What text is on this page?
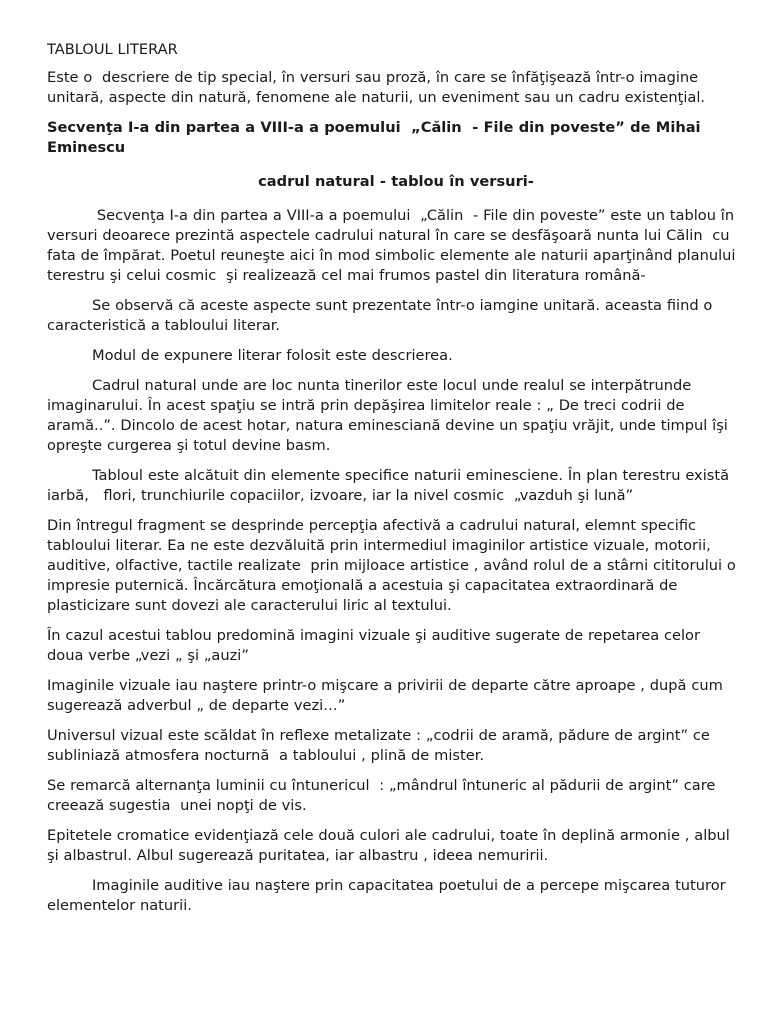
TABLOUL LITERAR

Este o  descriere de tip special, în versuri sau proză, în care se înfăţişează într-o imagine unitară, aspecte din natură, fenomene ale naturii, un eveniment sau un cadru existenţial.

Secvenţa I-a din partea a VIII-a a poemului  „Călin  - File din poveste” de Mihai Eminescu

cadrul natural - tablou în versuri-

Secvenţa I-a din partea a VIII-a a poemului  „Călin  - File din poveste” este un tablou în versuri deoarece prezintă aspectele cadrului natural în care se desfăşoară nunta lui Călin  cu fata de împărat. Poetul reuneşte aici în mod simbolic elemente ale naturii aparţinând planului terestru şi celui cosmic  şi realizează cel mai frumos pastel din literatura română-

Se observă că aceste aspecte sunt prezentate într-o iamgine unitară. aceasta fiind o caracteristică a tabloului literar.

Modul de expunere literar folosit este descrierea.

Cadrul natural unde are loc nunta tinerilor este locul unde realul se interpătrunde imaginarului. În acest spaţiu se intră prin depăşirea limitelor reale : „ De treci codrii de aramă..”. Dincolo de acest hotar, natura eminesciană devine un spaţiu vrăjit, unde timpul îşi opreşte curgerea şi totul devine basm.

Tabloul este alcătuit din elemente specifice naturii eminesciene. În plan terestru există iarbă,   flori, trunchiurile copaciilor, izvoare, iar la nivel cosmic  „vazduh şi lună”

Din întregul fragment se desprinde percepţia afectivă a cadrului natural, elemnt specific tabloului literar. Ea ne este dezvăluită prin intermediul imaginilor artistice vizuale, motorii, auditive, olfactive, tactile realizate  prin mijloace artistice , având rolul de a stârni cititorului o impresie puternică. Încărcătura emoţională a acestuia şi capacitatea extraordinară de plasticizare sunt dovezi ale caracterului liric al textului.

În cazul acestui tablou predomină imagini vizuale şi auditive sugerate de repetarea celor doua verbe „vezi „ şi „auzi”

Imaginile vizuale iau naştere printr-o mişcare a privirii de departe către aproape , după cum sugerează adverbul „ de departe vezi…”

Universul vizual este scăldat în reflexe metalizate : „codrii de aramă, pădure de argint” ce subliniază atmosfera nocturnă  a tabloului , plină de mister.

Se remarcă alternanţa luminii cu întunericul  : „mândrul întuneric al pădurii de argint” care creează sugestia  unei nopţi de vis.

Epitetele cromatice evidenţiază cele două culori ale cadrului, toate în deplină armonie , albul şi albastrul. Albul sugerează puritatea, iar albastru , ideea nemuririi.

Imaginile auditive iau naştere prin capacitatea poetului de a percepe mişcarea tuturor elementelor naturii.
